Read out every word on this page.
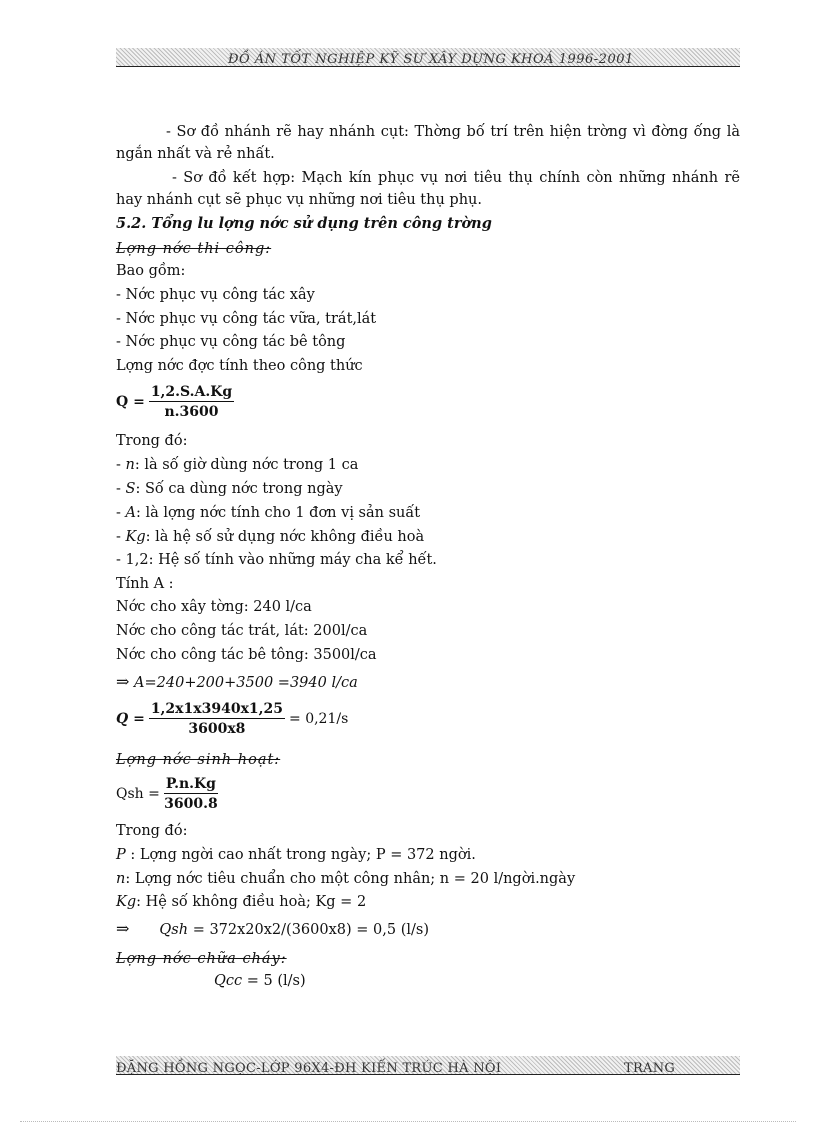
ĐỒ ÁN TỐT NGHIỆP KỸ SƯ XÂY DỰNG KHOÁ 1996-2001
- Sơ đồ nhánh rẽ hay nhánh cụt: Thờng bố trí trên hiện trờng vì đờng ống là ngắn nhất và rẻ nhất.
- Sơ đồ kết hợp: Mạch kín phục vụ nơi tiêu thụ chính còn những nhánh rẽ hay nhánh cụt sẽ phục vụ những nơi tiêu thụ phụ.
5.2. Tổng lu lợng nớc sử dụng trên công trờng
Lợng nớc thi công:
Bao gồm:
- Nớc phục vụ công tác xây
- Nớc phục vụ công tác vữa, trát,lát
- Nớc phục vụ công tác bê tông
Lợng nớc đợc tính theo công thức
$Q = \frac{1,2.S.A.Kg}{n.3600}$
Trong đó:
- n: là số giờ dùng nớc trong 1 ca
- S: Số ca dùng nớc trong ngày
- A: là lợng nớc tính cho 1 đơn vị sản suất
- Kg: là hệ số sử dụng nớc không điều hoà
- 1,2: Hệ số tính vào những máy cha kể hết.
Tính A :
Nớc cho xây tờng: 240 l/ca
Nớc cho công tác trát, lát: 200l/ca
Nớc cho công tác bê tông: 3500l/ca
⇒ A=240+200+3500 =3940 l/ca
$Q = \frac{1,2x1x3940x1,25}{3600x8} = 0,21/s$
Lợng nớc sinh hoạt:
Qsh = $\frac{P.n.Kg}{3600.8}$
Trong đó:
P : Lợng ngời cao nhất trong ngày; P = 372 ngời.
n: Lợng nớc tiêu chuẩn cho một công nhân; n = 20 l/ngời.ngày
Kg: Hệ số không điều hoà; Kg = 2
⇒ Qsh = 372x20x2/(3600x8) = 0,5 (l/s)
Lợng nớc chữa cháy:
Qcc = 5 (l/s)
ĐẶNG HỒNG NGỌC-LỚP 96X4-ĐH KIẾN TRÚC HÀ NỘI	TRANG
